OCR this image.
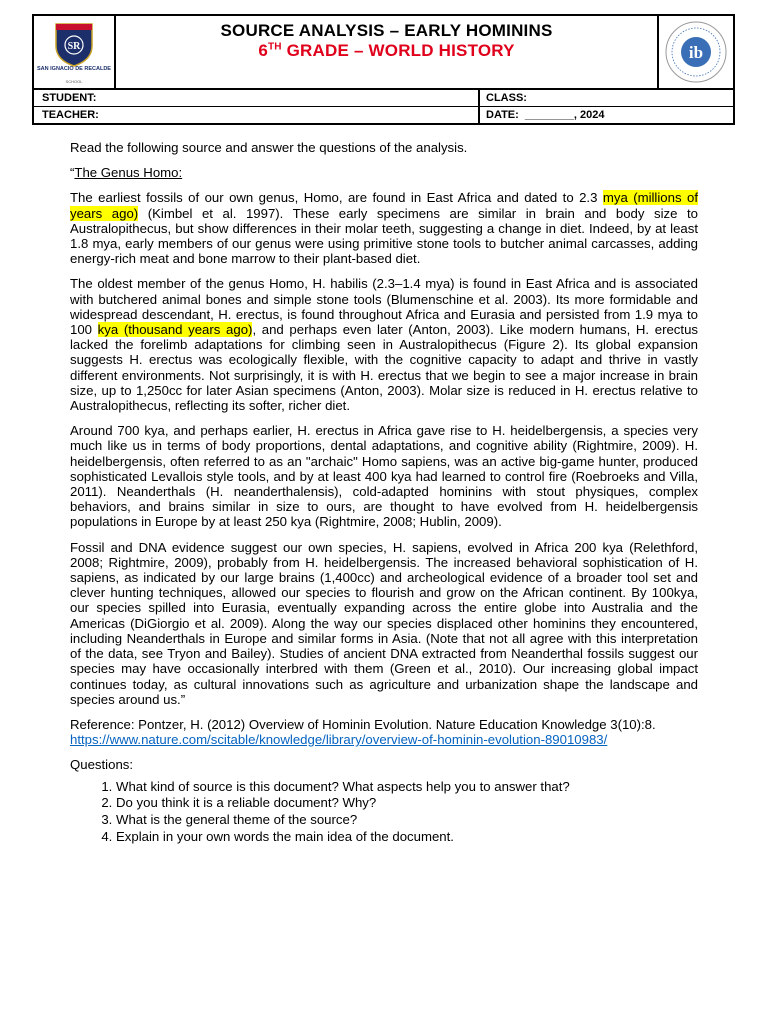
SR
SAN IGNACIO DE RECALDE
SCHOOL
SOURCE ANALYSIS – EARLY HOMININS
6TH GRADE – WORLD HISTORY	ib
STUDENT:	CLASS:
TEACHER:	DATE: ________, 2024

Read the following source and answer the questions of the analysis.

“The Genus Homo:

The earliest fossils of our own genus, Homo, are found in East Africa and dated to 2.3 mya (millions of years ago) (Kimbel et al. 1997). These early specimens are similar in brain and body size to Australopithecus, but show differences in their molar teeth, suggesting a change in diet. Indeed, by at least 1.8 mya, early members of our genus were using primitive stone tools to butcher animal carcasses, adding energy-rich meat and bone marrow to their plant-based diet.

The oldest member of the genus Homo, H. habilis (2.3–1.4 mya) is found in East Africa and is associated with butchered animal bones and simple stone tools (Blumenschine et al. 2003). Its more formidable and widespread descendant, H. erectus, is found throughout Africa and Eurasia and persisted from 1.9 mya to 100 kya (thousand years ago), and perhaps even later (Anton, 2003). Like modern humans, H. erectus lacked the forelimb adaptations for climbing seen in Australopithecus (Figure 2). Its global expansion suggests H. erectus was ecologically flexible, with the cognitive capacity to adapt and thrive in vastly different environments. Not surprisingly, it is with H. erectus that we begin to see a major increase in brain size, up to 1,250cc for later Asian specimens (Anton, 2003). Molar size is reduced in H. erectus relative to Australopithecus, reflecting its softer, richer diet.

Around 700 kya, and perhaps earlier, H. erectus in Africa gave rise to H. heidelbergensis, a species very much like us in terms of body proportions, dental adaptations, and cognitive ability (Rightmire, 2009). H. heidelbergensis, often referred to as an "archaic" Homo sapiens, was an active big-game hunter, produced sophisticated Levallois style tools, and by at least 400 kya had learned to control fire (Roebroeks and Villa, 2011). Neanderthals (H. neanderthalensis), cold-adapted hominins with stout physiques, complex behaviors, and brains similar in size to ours, are thought to have evolved from H. heidelbergensis populations in Europe by at least 250 kya (Rightmire, 2008; Hublin, 2009).

Fossil and DNA evidence suggest our own species, H. sapiens, evolved in Africa 200 kya (Relethford, 2008; Rightmire, 2009), probably from H. heidelbergensis. The increased behavioral sophistication of H. sapiens, as indicated by our large brains (1,400cc) and archeological evidence of a broader tool set and clever hunting techniques, allowed our species to flourish and grow on the African continent. By 100kya, our species spilled into Eurasia, eventually expanding across the entire globe into Australia and the Americas (DiGiorgio et al. 2009). Along the way our species displaced other hominins they encountered, including Neanderthals in Europe and similar forms in Asia. (Note that not all agree with this interpretation of the data, see Tryon and Bailey). Studies of ancient DNA extracted from Neanderthal fossils suggest our species may have occasionally interbred with them (Green et al., 2010). Our increasing global impact continues today, as cultural innovations such as agriculture and urbanization shape the landscape and species around us.”

Reference: Pontzer, H. (2012) Overview of Hominin Evolution. Nature Education Knowledge 3(10):8.
https://www.nature.com/scitable/knowledge/library/overview-of-hominin-evolution-89010983/

Questions:

1. What kind of source is this document? What aspects help you to answer that?
2. Do you think it is a reliable document? Why?
3. What is the general theme of the source?
4. Explain in your own words the main idea of the document.
